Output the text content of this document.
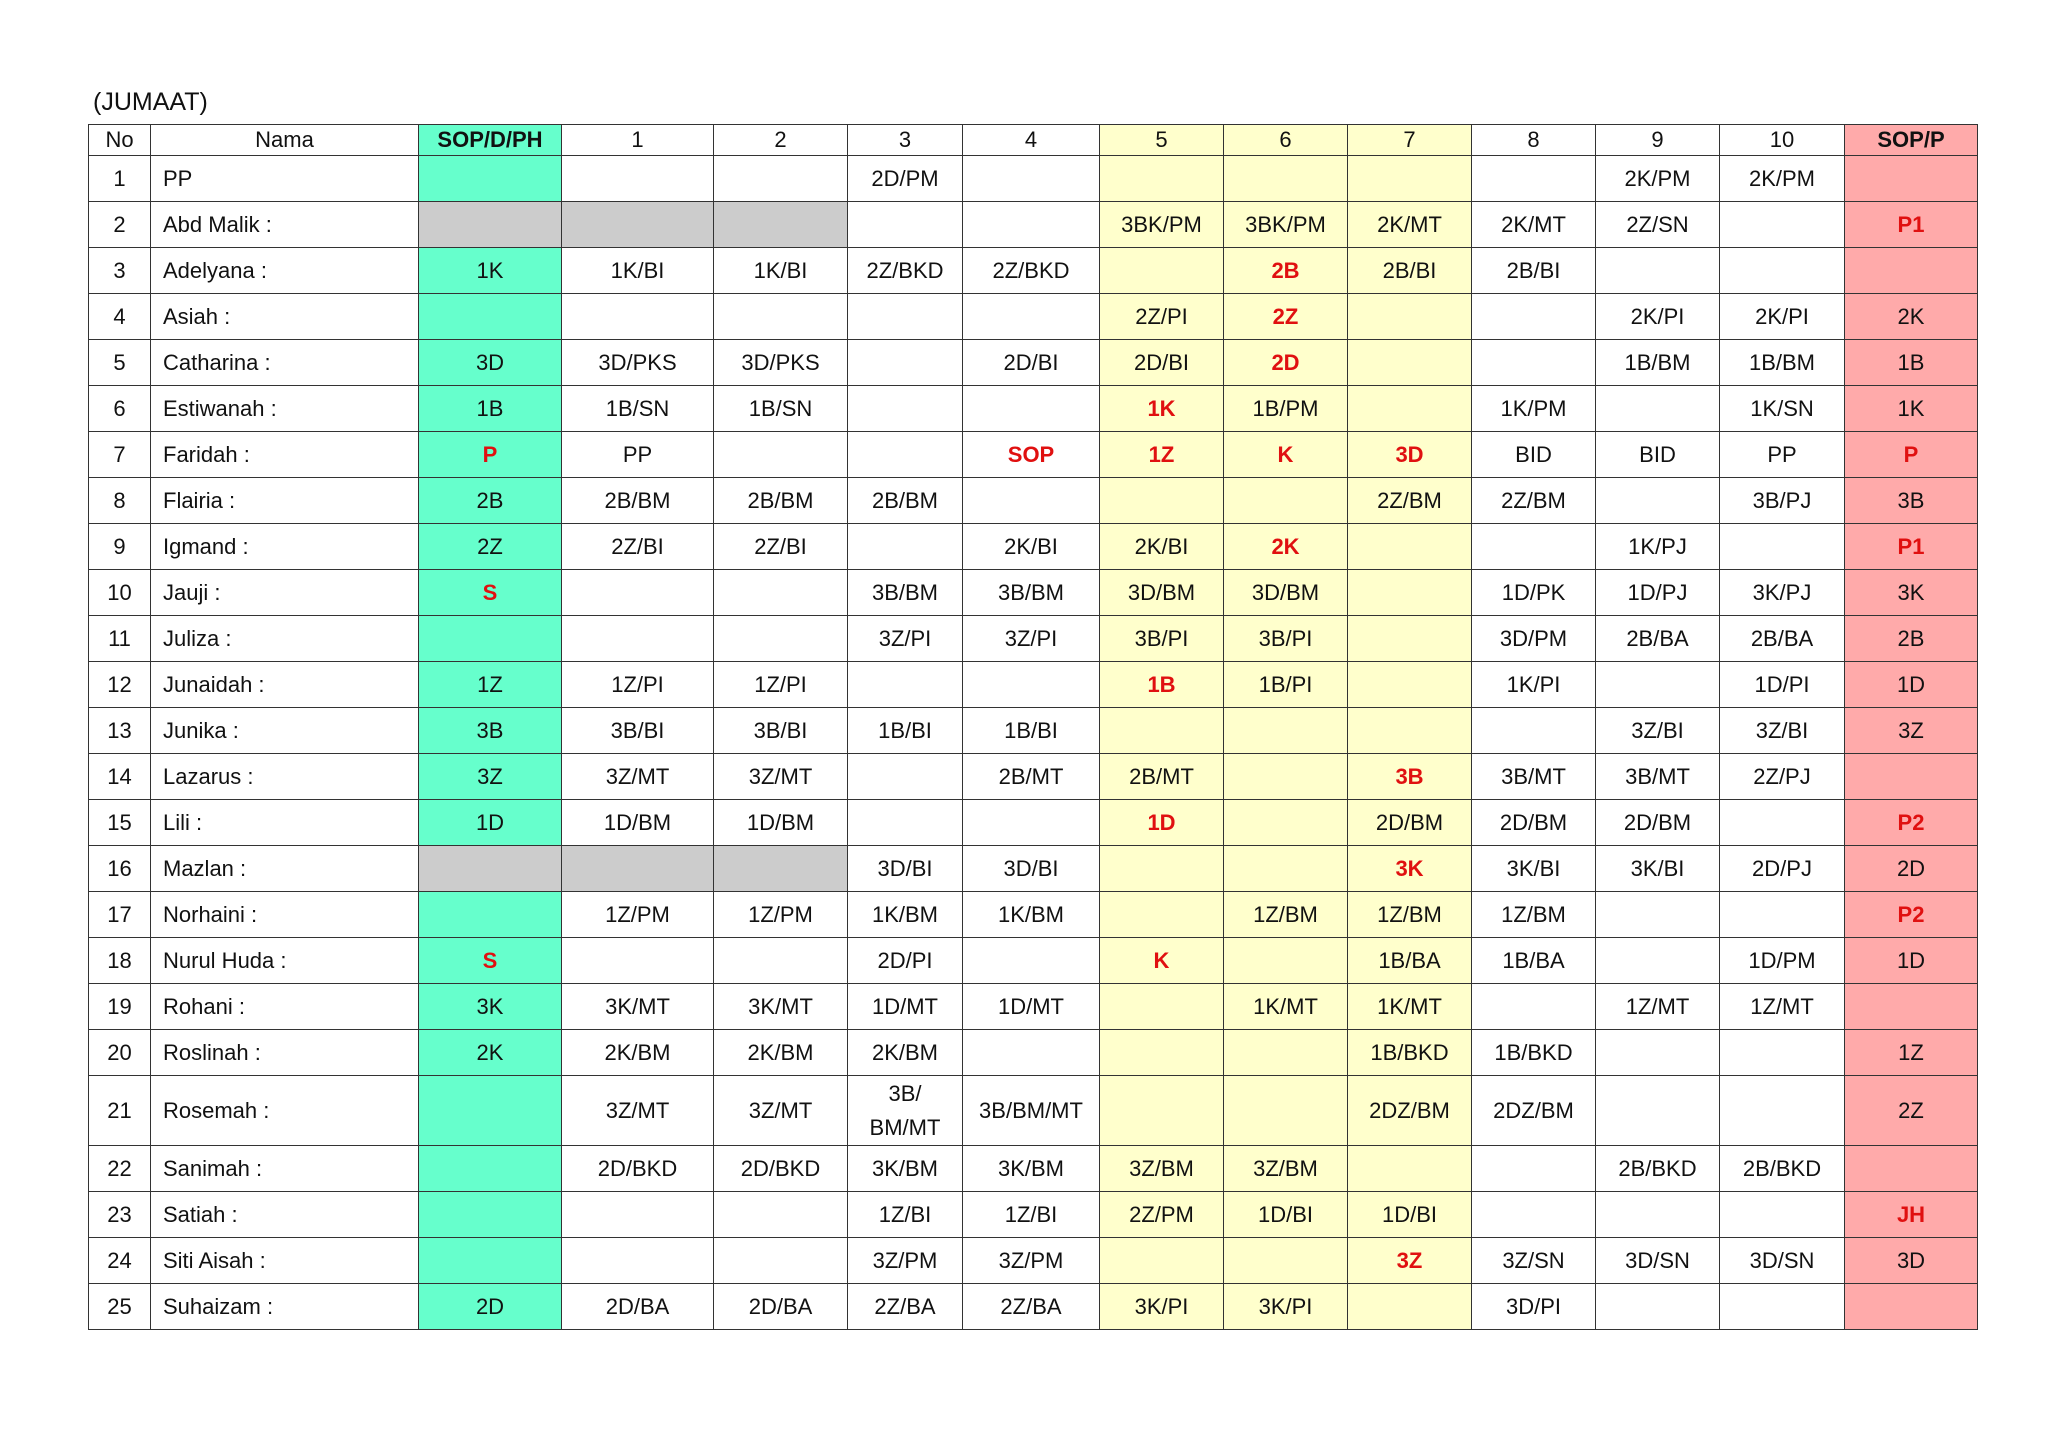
(JUMAAT)
No	Nama	SOP/D/PH	1	2	3	4	5	6	7	8	9	10	SOP/P
1	PP				2D/PM						2K/PM	2K/PM	
2	Abd Malik :						3BK/PM	3BK/PM	2K/MT	2K/MT	2Z/SN		P1
3	Adelyana :	1K	1K/BI	1K/BI	2Z/BKD	2Z/BKD		2B	2B/BI	2B/BI			
4	Asiah :						2Z/PI	2Z			2K/PI	2K/PI	2K
5	Catharina :	3D	3D/PKS	3D/PKS		2D/BI	2D/BI	2D			1B/BM	1B/BM	1B
6	Estiwanah :	1B	1B/SN	1B/SN			1K	1B/PM		1K/PM		1K/SN	1K
7	Faridah :	P	PP			SOP	1Z	K	3D	BID	BID	PP	P
8	Flairia :	2B	2B/BM	2B/BM	2B/BM				2Z/BM	2Z/BM		3B/PJ	3B
9	Igmand :	2Z	2Z/BI	2Z/BI		2K/BI	2K/BI	2K			1K/PJ		P1
10	Jauji :	S			3B/BM	3B/BM	3D/BM	3D/BM		1D/PK	1D/PJ	3K/PJ	3K
11	Juliza :				3Z/PI	3Z/PI	3B/PI	3B/PI		3D/PM	2B/BA	2B/BA	2B
12	Junaidah :	1Z	1Z/PI	1Z/PI			1B	1B/PI		1K/PI		1D/PI	1D
13	Junika :	3B	3B/BI	3B/BI	1B/BI	1B/BI					3Z/BI	3Z/BI	3Z
14	Lazarus :	3Z	3Z/MT	3Z/MT		2B/MT	2B/MT		3B	3B/MT	3B/MT	2Z/PJ	
15	Lili :	1D	1D/BM	1D/BM			1D		2D/BM	2D/BM	2D/BM		P2
16	Mazlan :				3D/BI	3D/BI			3K	3K/BI	3K/BI	2D/PJ	2D
17	Norhaini :		1Z/PM	1Z/PM	1K/BM	1K/BM		1Z/BM	1Z/BM	1Z/BM			P2
18	Nurul Huda :	S			2D/PI		K		1B/BA	1B/BA		1D/PM	1D
19	Rohani :	3K	3K/MT	3K/MT	1D/MT	1D/MT		1K/MT	1K/MT		1Z/MT	1Z/MT	
20	Roslinah :	2K	2K/BM	2K/BM	2K/BM				1B/BKD	1B/BKD			1Z
21	Rosemah :		3Z/MT	3Z/MT	3B/ BM/MT	3B/BM/MT			2DZ/BM	2DZ/BM			2Z
22	Sanimah :		2D/BKD	2D/BKD	3K/BM	3K/BM	3Z/BM	3Z/BM			2B/BKD	2B/BKD	
23	Satiah :				1Z/BI	1Z/BI	2Z/PM	1D/BI	1D/BI				JH
24	Siti Aisah :				3Z/PM	3Z/PM			3Z	3Z/SN	3D/SN	3D/SN	3D
25	Suhaizam :	2D	2D/BA	2D/BA	2Z/BA	2Z/BA	3K/PI	3K/PI		3D/PI			
